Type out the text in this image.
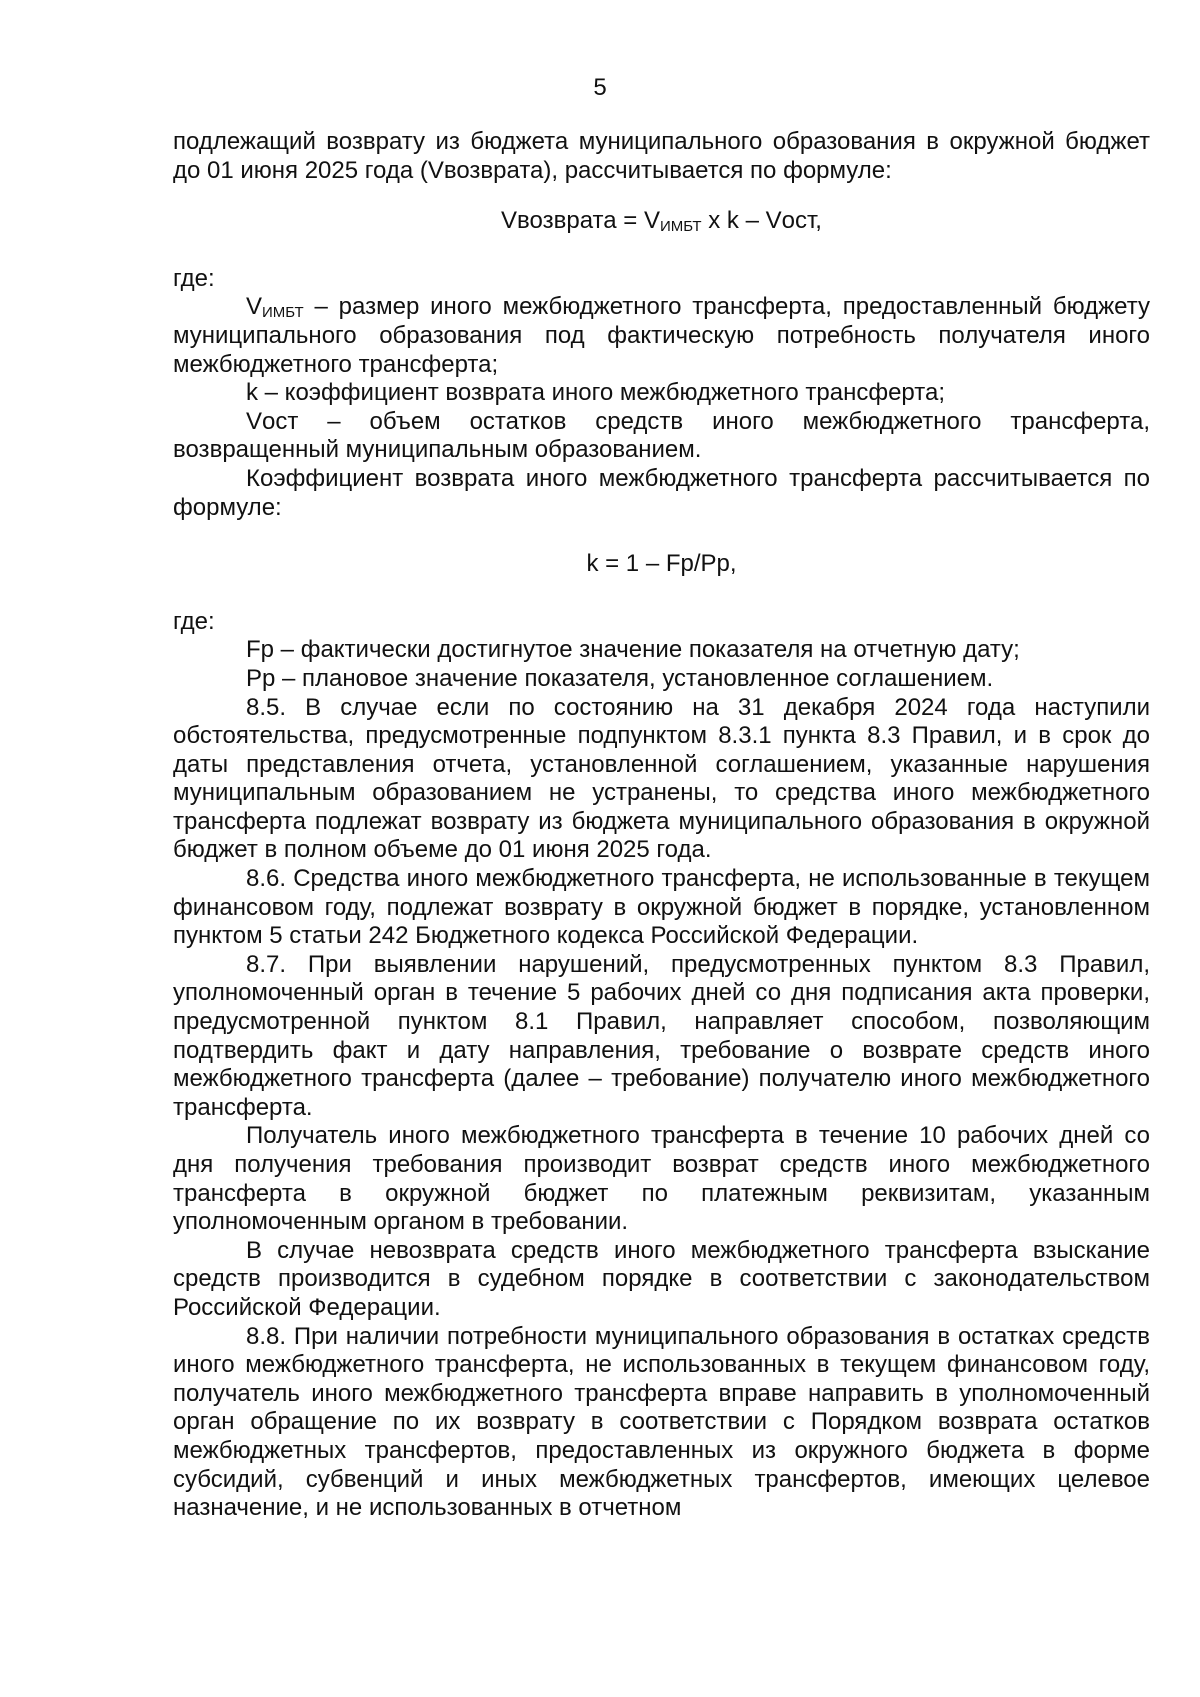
5

подлежащий возврату из бюджета муниципального образования в окружной бюджет до 01 июня 2025 года (Vвозврата), рассчитывается по формуле:

Vвозврата = $V_{ИМБТ}$ x k – Vост,

где:

$V_{ИМБТ}$ – размер иного межбюджетного трансферта, предоставленный бюджету муниципального образования под фактическую потребность получателя иного межбюджетного трансферта;

k – коэффициент возврата иного межбюджетного трансферта;

Vост – объем остатков средств иного межбюджетного трансферта, возвращенный муниципальным образованием.

Коэффициент возврата иного межбюджетного трансферта рассчитывается по формуле:

k = 1 – Fp/Pp,

где:

Fp – фактически достигнутое значение показателя на отчетную дату;

Pp – плановое значение показателя, установленное соглашением.

8.5. В случае если по состоянию на 31 декабря 2024 года наступили обстоятельства, предусмотренные подпунктом 8.3.1 пункта 8.3 Правил, и в срок до даты представления отчета, установленной соглашением, указанные нарушения муниципальным образованием не устранены, то средства иного межбюджетного трансферта подлежат возврату из бюджета муниципального образования в окружной бюджет в полном объеме до 01 июня 2025 года.

8.6. Средства иного межбюджетного трансферта, не использованные в текущем финансовом году, подлежат возврату в окружной бюджет в порядке, установленном пунктом 5 статьи 242 Бюджетного кодекса Российской Федерации.

8.7. При выявлении нарушений, предусмотренных пунктом 8.3 Правил, уполномоченный орган в течение 5 рабочих дней со дня подписания акта проверки, предусмотренной пунктом 8.1 Правил, направляет способом, позволяющим подтвердить факт и дату направления, требование о возврате средств иного межбюджетного трансферта (далее – требование) получателю иного межбюджетного трансферта.

Получатель иного межбюджетного трансферта в течение 10 рабочих дней со дня получения требования производит возврат средств иного межбюджетного трансферта в окружной бюджет по платежным реквизитам, указанным уполномоченным органом в требовании.

В случае невозврата средств иного межбюджетного трансферта взыскание средств производится в судебном порядке в соответствии с законодательством Российской Федерации.

8.8. При наличии потребности муниципального образования в остатках средств иного межбюджетного трансферта, не использованных в текущем финансовом году, получатель иного межбюджетного трансферта вправе направить в уполномоченный орган обращение по их возврату в соответствии с Порядком возврата остатков межбюджетных трансфертов, предоставленных из окружного бюджета в форме субсидий, субвенций и иных межбюджетных трансфертов, имеющих целевое назначение, и не использованных в отчетном
